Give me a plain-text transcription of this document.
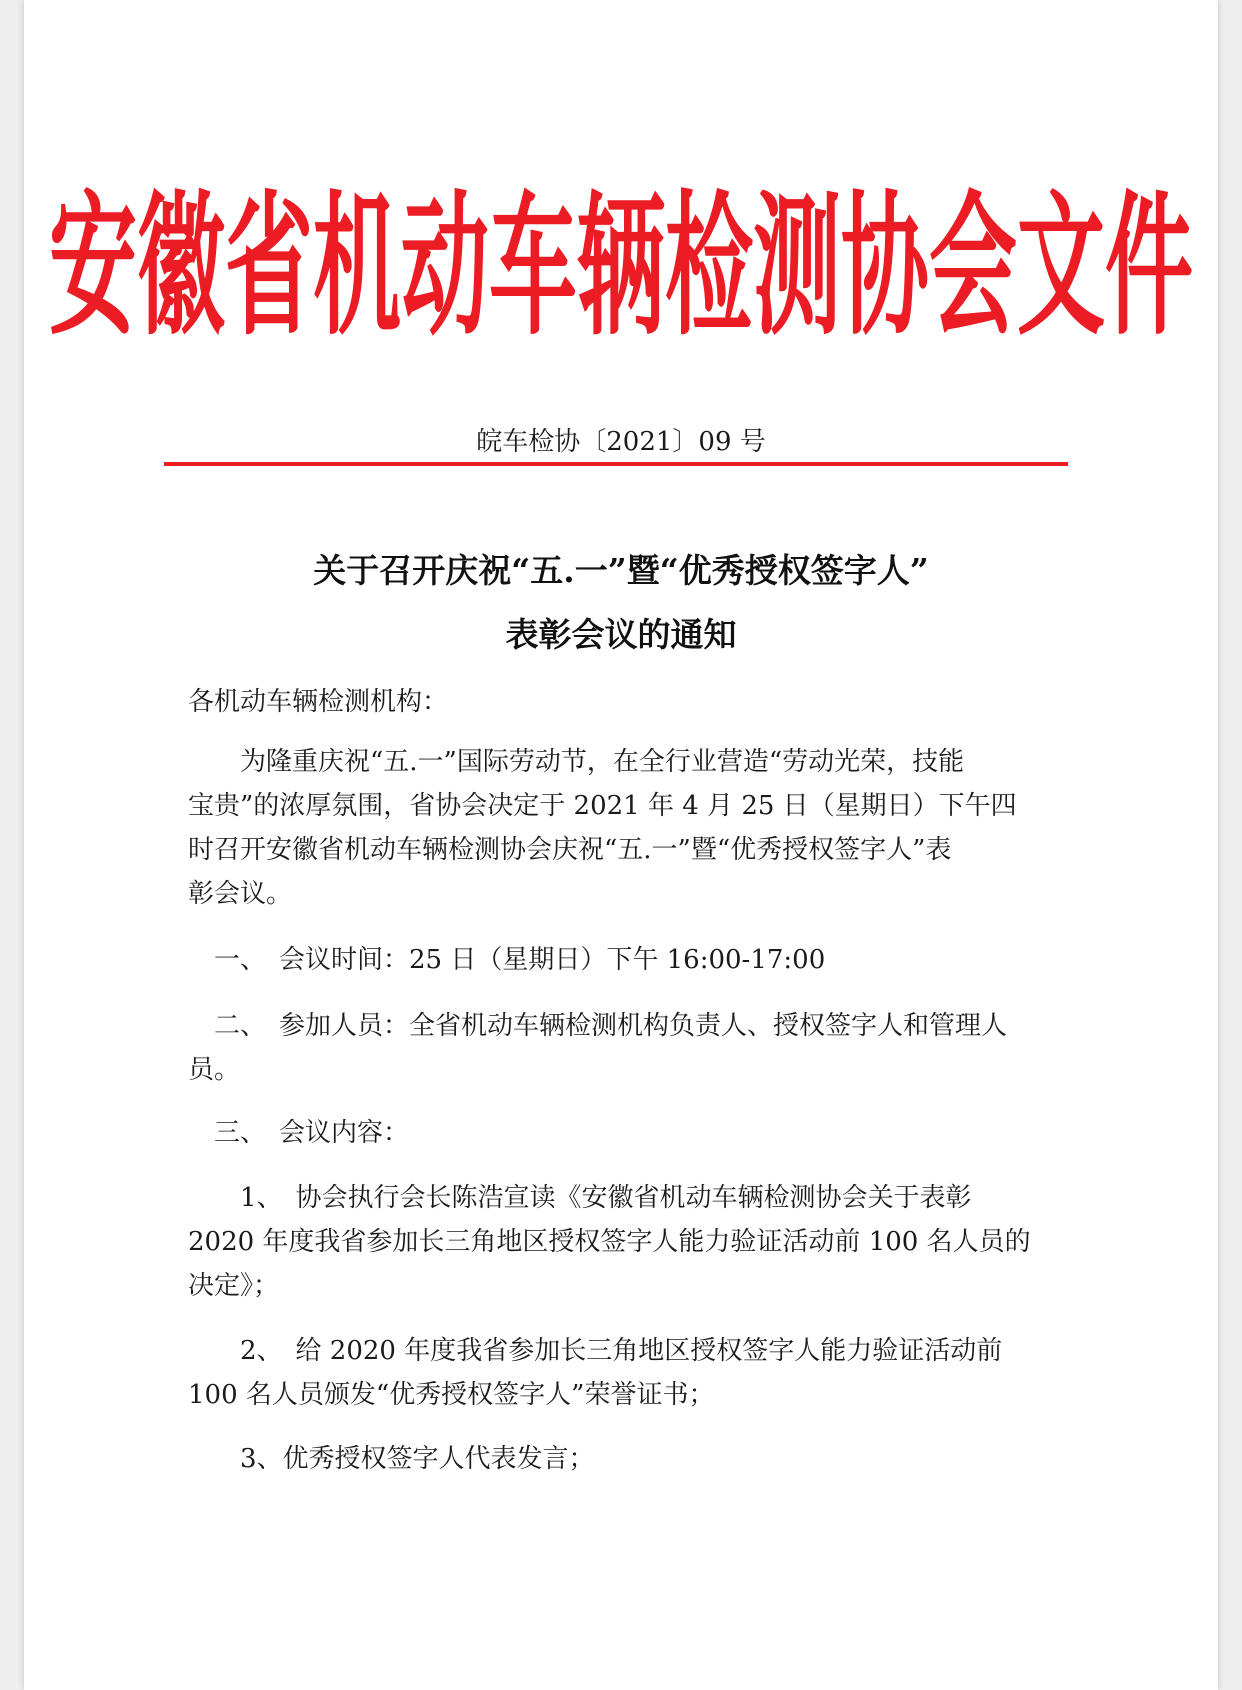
安徽省机动车辆检测协会文件
皖车检协〔2021〕09 号
关于召开庆祝“五.一”暨“优秀授权签字人”
表彰会议的通知
各机动车辆检测机构：
　　为隆重庆祝“五.一”国际劳动节，在全行业营造“劳动光荣，技能
宝贵”的浓厚氛围，省协会决定于 2021 年 4 月 25 日（星期日）下午四
时召开安徽省机动车辆检测协会庆祝“五.一”暨“优秀授权签字人”表
彰会议。
　一、　会议时间：25 日（星期日）下午 16:00-17:00
　二、　参加人员：全省机动车辆检测机构负责人、授权签字人和管理人
员。
　三、　会议内容：
　　1、　协会执行会长陈浩宣读《安徽省机动车辆检测协会关于表彰
2020 年度我省参加长三角地区授权签字人能力验证活动前 100 名人员的
决定》；
　　2、　给 2020 年度我省参加长三角地区授权签字人能力验证活动前
100 名人员颁发“优秀授权签字人”荣誉证书；
　　3、优秀授权签字人代表发言；
